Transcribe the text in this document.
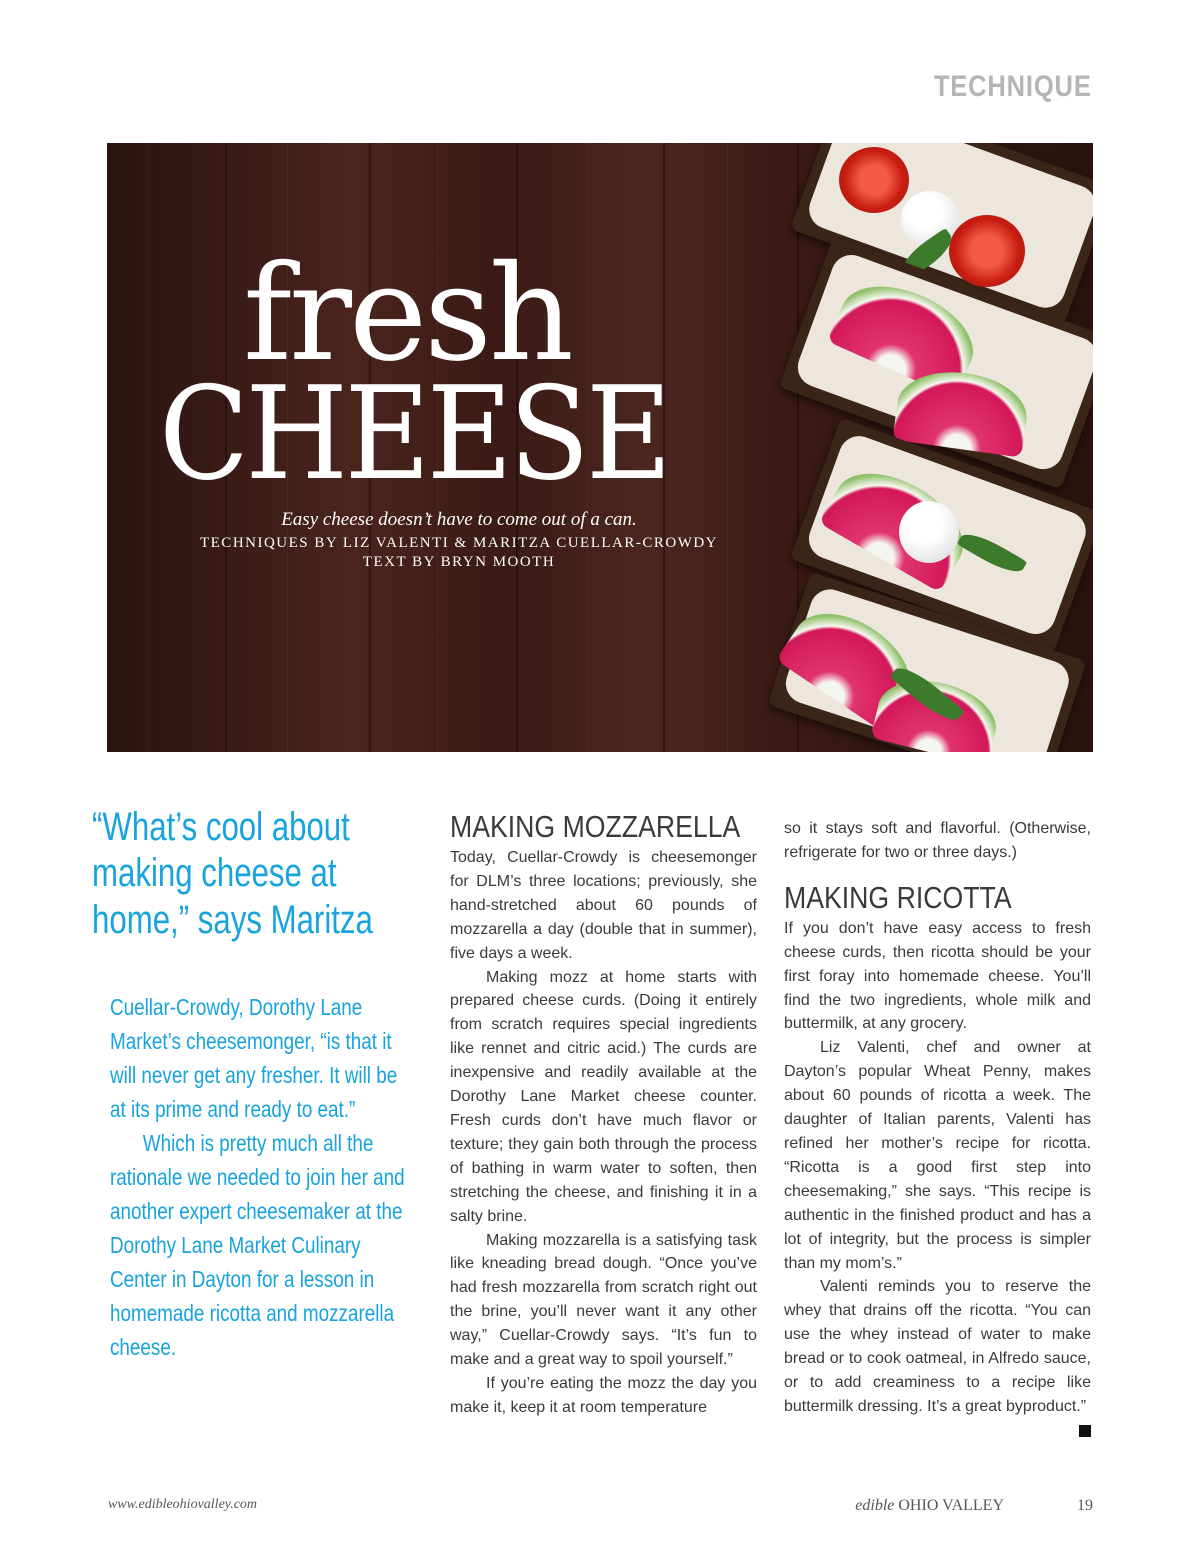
TECHNIQUE
fresh
CHEESE

Easy cheese doesn’t have to come out of a can.

TECHNIQUES BY LIZ VALENTI & MARITZA CUELLAR-CROWDY

TEXT BY BRYN MOOTH

“What’s cool about making cheese at home,” says Maritza

Cuellar-Crowdy, Dorothy Lane Market’s cheesemonger, “is that it will never get any fresher. It will be at its prime and ready to eat.”

Which is pretty much all the rationale we needed to join her and another expert cheesemaker at the Dorothy Lane Market Culinary Center in Dayton for a lesson in homemade ricotta and mozzarella cheese.

MAKING MOZZARELLA

Today, Cuellar-Crowdy is cheesemonger for DLM’s three locations; previously, she hand-stretched about 60 pounds of mozzarella a day (double that in summer), five days a week.

Making mozz at home starts with prepared cheese curds. (Doing it entirely from scratch requires special ingredients like rennet and citric acid.) The curds are inexpensive and readily available at the Dorothy Lane Market cheese counter. Fresh curds don’t have much flavor or texture; they gain both through the process of bathing in warm water to soften, then stretching the cheese, and finishing it in a salty brine.

Making mozzarella is a satisfying task like kneading bread dough. “Once you’ve had fresh mozzarella from scratch right out the brine, you’ll never want it any other way,” Cuellar-Crowdy says. “It’s fun to make and a great way to spoil yourself.”

If you’re eating the mozz the day you make it, keep it at room temperature

so it stays soft and flavorful. (Otherwise, refrigerate for two or three days.)

MAKING RICOTTA

If you don’t have easy access to fresh cheese curds, then ricotta should be your first foray into homemade cheese. You’ll find the two ingredients, whole milk and buttermilk, at any grocery.

Liz Valenti, chef and owner at Dayton’s popular Wheat Penny, makes about 60 pounds of ricotta a week. The daughter of Italian parents, Valenti has refined her mother’s recipe for ricotta. “Ricotta is a good first step into cheesemaking,” she says. “This recipe is authentic in the finished product and has a lot of integrity, but the process is simpler than my mom’s.”

Valenti reminds you to reserve the whey that drains off the ricotta. “You can use the whey instead of water to make bread or to cook oatmeal, in Alfredo sauce, or to add creaminess to a recipe like buttermilk dressing. It’s a great byproduct.”

www.edibleohiovalley.com	edible OHIO VALLEY	19
